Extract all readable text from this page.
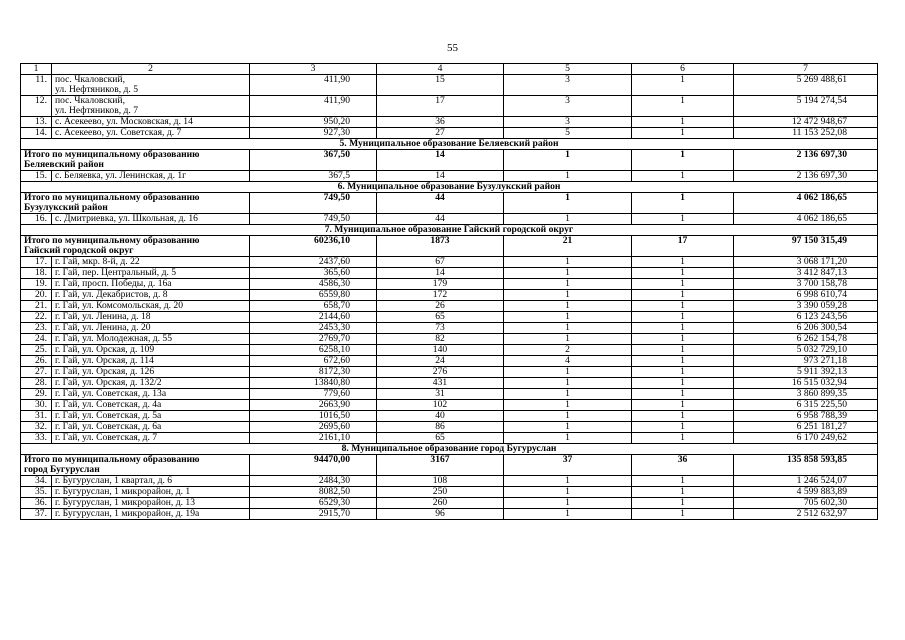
55
1	2	3	4	5	6	7
11.	пос. Чкаловский,
ул. Нефтяников, д. 5	411,90	15	3	1	5 269 488,61
12.	пос. Чкаловский,
ул. Нефтяников, д. 7	411,90	17	3	1	5 194 274,54
13.	с. Асекеево, ул. Московская, д. 14	950,20	36	3	1	12 472 948,67
14.	с. Асекеево, ул. Советская, д. 7	927,30	27	5	1	11 153 252,08
5. Муниципальное образование Беляевский район						
Итого по муниципальному образованию
Беляевский район		367,50	14	1	1	2 136 697,30
15.	с. Беляевка, ул. Ленинская, д. 1г	367,5	14	1	1	2 136 697,30
6. Муниципальное образование Бузулукский район						
Итого по муниципальному образованию
Бузулукский район		749,50	44	1	1	4 062 186,65
16.	с. Дмитриевка, ул. Школьная, д. 16	749,50	44	1	1	4 062 186,65
7. Муниципальное образование Гайский городской округ						
Итого по муниципальному образованию
Гайский городской округ		60236,10	1873	21	17	97 150 315,49
17.	г. Гай, мкр. 8-й, д. 22	2437,60	67	1	1	3 068 171,20
18.	г. Гай, пер. Центральный, д. 5	365,60	14	1	1	3 412 847,13
19.	г. Гай, просп. Победы, д. 16а	4586,30	179	1	1	3 700 158,78
20.	г. Гай, ул. Декабристов, д. 8	6559,80	172	1	1	6 998 610,74
21.	г. Гай, ул. Комсомольская, д. 20	658,70	26	1	1	3 390 059,28
22.	г. Гай, ул. Ленина, д. 18	2144,60	65	1	1	6 123 243,56
23.	г. Гай, ул. Ленина, д. 20	2453,30	73	1	1	6 206 300,54
24.	г. Гай, ул. Молодежная, д. 55	2769,70	82	1	1	6 262 154,78
25.	г. Гай, ул. Орская, д. 109	6258,10	140	2	1	5 032 729,10
26.	г. Гай, ул. Орская, д. 114	672,60	24	4	1	973 271,18
27.	г. Гай, ул. Орская, д. 126	8172,30	276	1	1	5 911 392,13
28.	г. Гай, ул. Орская, д. 132/2	13840,80	431	1	1	16 515 032,94
29.	г. Гай, ул. Советская, д. 13а	779,60	31	1	1	3 860 899,35
30.	г. Гай, ул. Советская, д. 4а	2663,90	102	1	1	6 315 225,50
31.	г. Гай, ул. Советская, д. 5а	1016,50	40	1	1	6 958 788,39
32.	г. Гай, ул. Советская, д. 6а	2695,60	86	1	1	6 251 181,27
33.	г. Гай, ул. Советская, д. 7	2161,10	65	1	1	6 170 249,62
8. Муниципальное образование город Бугуруслан						
Итого по муниципальному образованию
город Бугуруслан		94470,00	3167	37	36	135 858 593,85
34.	г. Бугуруслан, 1 квартал, д. 6	2484,30	108	1	1	1 246 524,07
35.	г. Бугуруслан, 1 микрорайон, д. 1	8082,50	250	1	1	4 599 883,89
36.	г. Бугуруслан, 1 микрорайон, д. 13	6529,30	260	1	1	705 602,30
37.	г. Бугуруслан, 1 микрорайон, д. 19а	2915,70	96	1	1	2 512 632,97
